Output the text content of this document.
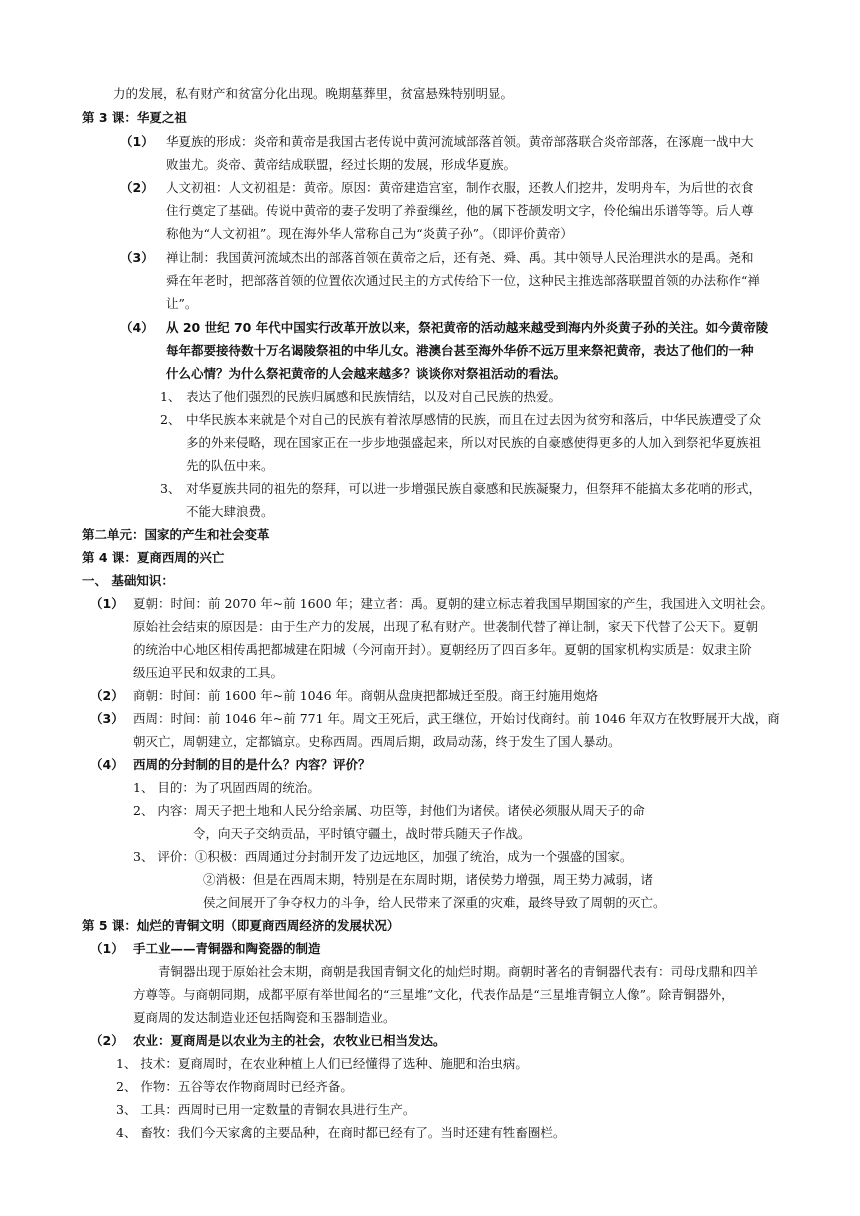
力的发展，私有财产和贫富分化出现。晚期墓葬里，贫富悬殊特别明显。
第 3 课：华夏之祖
（1） 华夏族的形成：炎帝和黄帝是我国古老传说中黄河流域部落首领。黄帝部落联合炎帝部落，在涿鹿一战中大
败蚩尤。炎帝、黄帝结成联盟，经过长期的发展，形成华夏族。
（2） 人文初祖：人文初祖是：黄帝。原因：黄帝建造宫室，制作衣服，还教人们挖井，发明舟车，为后世的衣食
住行奠定了基础。传说中黄帝的妻子发明了养蚕缫丝，他的属下苍颉发明文字，伶伦编出乐谱等等。后人尊
称他为“人文初祖”。现在海外华人常称自己为“炎黄子孙”。（即评价黄帝）
（3） 禅让制：我国黄河流域杰出的部落首领在黄帝之后，还有尧、舜、禹。其中领导人民治理洪水的是禹。尧和
舜在年老时，把部落首领的位置依次通过民主的方式传给下一位，这种民主推选部落联盟首领的办法称作“禅
让”。
（4） 从 20 世纪 70 年代中国实行改革开放以来，祭祀黄帝的活动越来越受到海内外炎黄子孙的关注。如今黄帝陵
每年都要接待数十万名谒陵祭祖的中华儿女。港澳台甚至海外华侨不远万里来祭祀黄帝，表达了他们的一种
什么心情？为什么祭祀黄帝的人会越来越多？谈谈你对祭祖活动的看法。
1、 表达了他们强烈的民族归属感和民族情结，以及对自己民族的热爱。
2、 中华民族本来就是个对自己的民族有着浓厚感情的民族，而且在过去因为贫穷和落后，中华民族遭受了众
多的外来侵略，现在国家正在一步步地强盛起来，所以对民族的自豪感使得更多的人加入到祭祀华夏族祖
先的队伍中来。
3、 对华夏族共同的祖先的祭拜，可以进一步增强民族自豪感和民族凝聚力，但祭拜不能搞太多花哨的形式，
不能大肆浪费。
第二单元：国家的产生和社会变革
第 4 课：夏商西周的兴亡
一、 基础知识：
（1） 夏朝：时间：前 2070 年~前 1600 年；建立者：禹。夏朝的建立标志着我国早期国家的产生，我国进入文明社会。
原始社会结束的原因是：由于生产力的发展，出现了私有财产。世袭制代替了禅让制，家天下代替了公天下。夏朝
的统治中心地区相传禹把都城建在阳城（今河南开封）。夏朝经历了四百多年。夏朝的国家机构实质是：奴隶主阶
级压迫平民和奴隶的工具。
（2） 商朝：时间：前 1600 年~前 1046 年。商朝从盘庚把都城迁至殷。商王纣施用炮烙
（3） 西周：时间：前 1046 年~前 771 年。周文王死后，武王继位，开始讨伐商纣。前 1046 年双方在牧野展开大战，商
朝灭亡，周朝建立，定都镐京。史称西周。西周后期，政局动荡，终于发生了国人暴动。
（4） 西周的分封制的目的是什么？内容？评价？
1、 目的：为了巩固西周的统治。
2、 内容：周天子把土地和人民分给亲属、功臣等，封他们为诸侯。诸侯必须服从周天子的命
令，向天子交纳贡品，平时镇守疆土，战时带兵随天子作战。
3、 评价：①积极：西周通过分封制开发了边远地区，加强了统治，成为一个强盛的国家。
②消极：但是在西周末期，特别是在东周时期，诸侯势力增强，周王势力减弱，诸
侯之间展开了争夺权力的斗争，给人民带来了深重的灾难，最终导致了周朝的灭亡。
第 5 课：灿烂的青铜文明（即夏商西周经济的发展状况）
（1） 手工业——青铜器和陶瓷器的制造
青铜器出现于原始社会末期，商朝是我国青铜文化的灿烂时期。商朝时著名的青铜器代表有：司母戊鼎和四羊
方尊等。与商朝同期，成都平原有举世闻名的“三星堆”文化，代表作品是“三星堆青铜立人像”。除青铜器外，
夏商周的发达制造业还包括陶瓷和玉器制造业。
（2） 农业：夏商周是以农业为主的社会，农牧业已相当发达。
1、 技术：夏商周时，在农业种植上人们已经懂得了选种、施肥和治虫病。
2、 作物：五谷等农作物商周时已经齐备。
3、 工具：西周时已用一定数量的青铜农具进行生产。
4、 畜牧：我们今天家禽的主要品种，在商时都已经有了。当时还建有牲畜圈栏。
